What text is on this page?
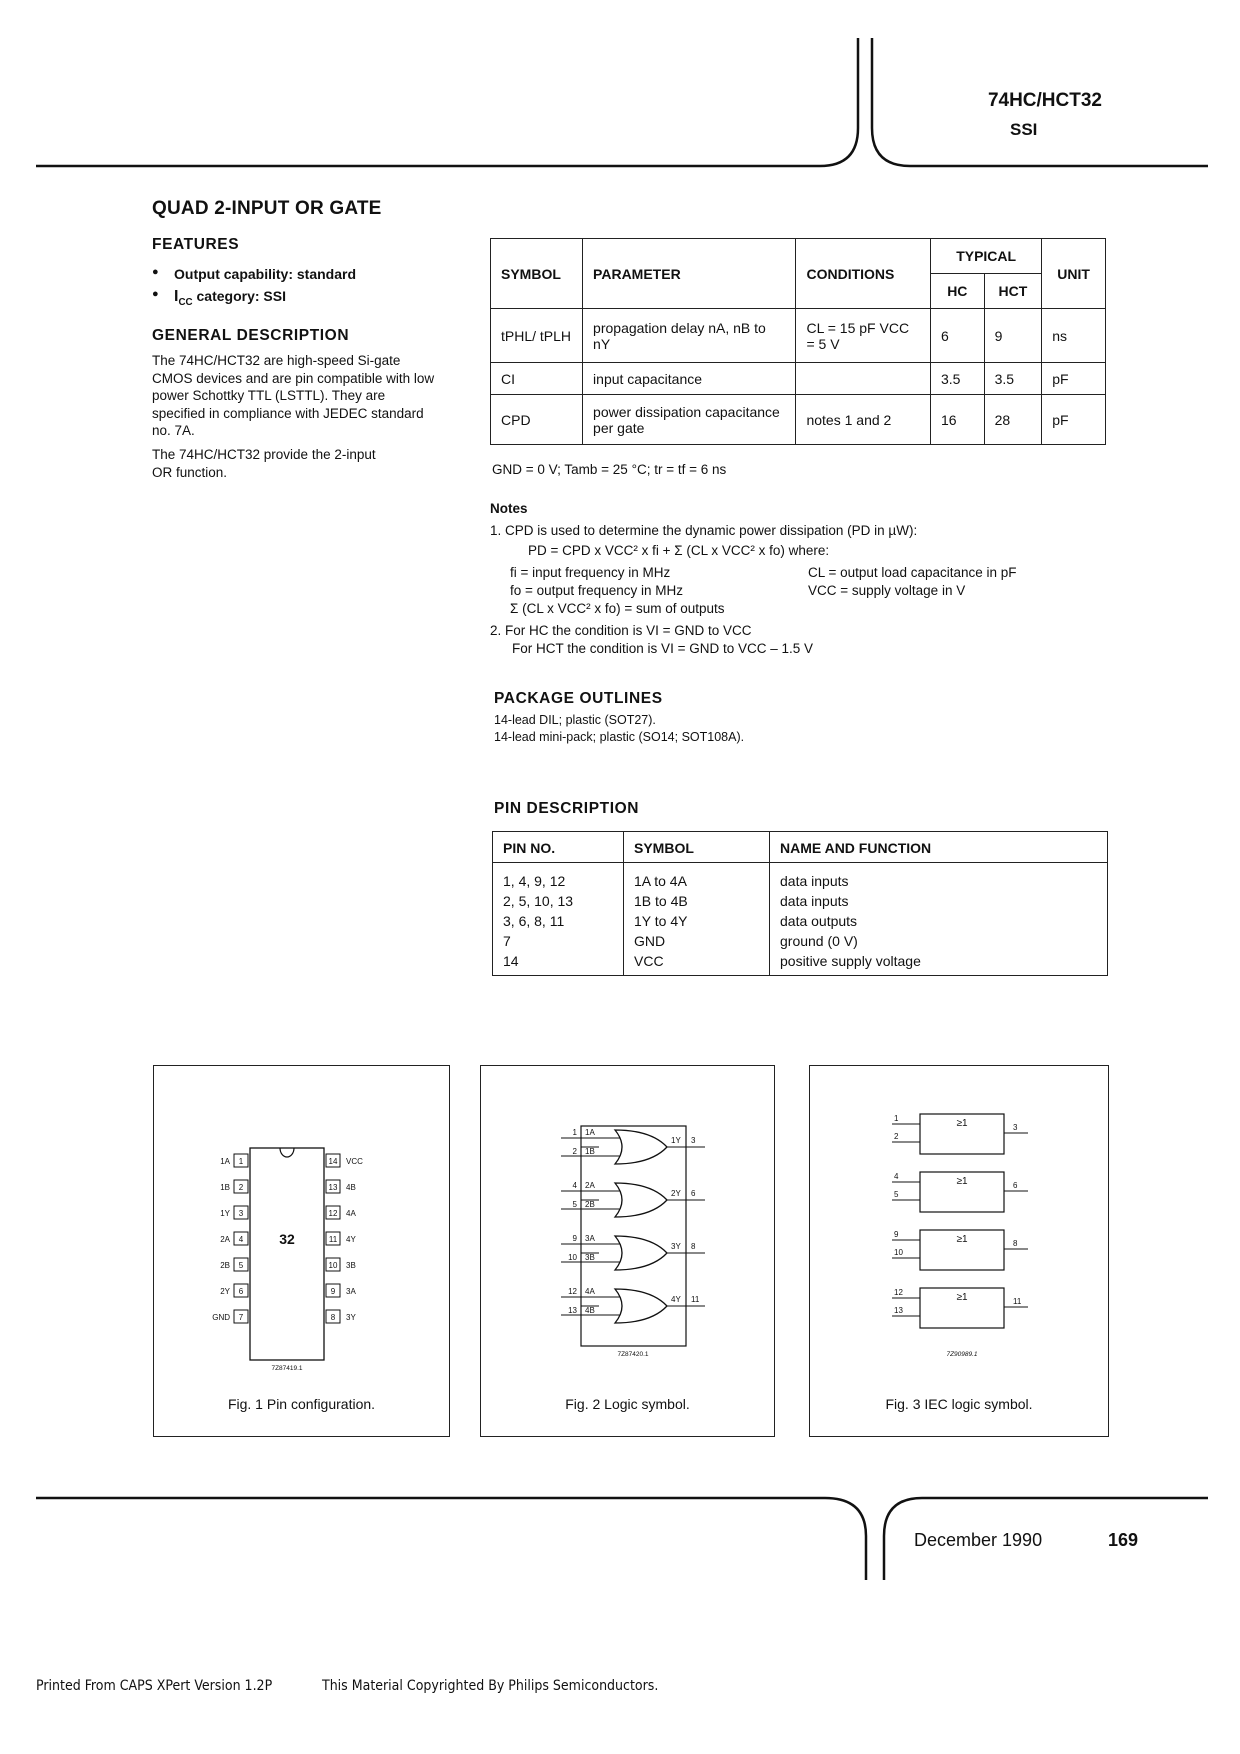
74HC/HCT32
SSI
QUAD 2-INPUT OR GATE
FEATURES
● Output capability: standard
● $I_{CC}$ category: SSI
GENERAL DESCRIPTION
The 74HC/HCT32 are high-speed Si-gate CMOS devices and are pin compatible with low power Schottky TTL (LSTTL). They are specified in compliance with JEDEC standard no. 7A.
The 74HC/HCT32 provide the 2-input OR function.
SYMBOL	PARAMETER	CONDITIONS	TYPICAL		UNIT
			HC	HCT	
tPHL/ tPLH	propagation delay nA, nB to nY	CL = 15 pF VCC = 5 V	6	9	ns
CI	input capacitance		3.5	3.5	pF
CPD	power dissipation capacitance per gate	notes 1 and 2	16	28	pF
GND = 0 V; Tamb = 25 °C; tr = tf = 6 ns
Notes
1. CPD is used to determine the dynamic power dissipation (PD in µW):
PD = CPD x VCC² x fi + Σ (CL x VCC² x fo) where:
fi = input frequency in MHz
fo = output frequency in MHz
Σ (CL x VCC² x fo) = sum of outputs
CL = output load capacitance in pF
VCC = supply voltage in V
2. For HC the condition is VI = GND to VCC
For HCT the condition is VI = GND to VCC – 1.5 V
PACKAGE OUTLINES
14-lead DIL; plastic (SOT27).
14-lead mini-pack; plastic (SO14; SOT108A).
PIN DESCRIPTION
PIN NO.	SYMBOL	NAME AND FUNCTION
1, 4, 9, 12	1A to 4A	data inputs
2, 5, 10, 13	1B to 4B	data inputs
3, 6, 8, 11	1Y to 4Y	data outputs
7	GND	ground (0 V)
14	VCC	positive supply voltage
32
1
1A
2
1B
3
1Y
4
2A
5
2B
6
2Y
7
GND
14 VCC
13 4B
12 4A
11 4Y
10 3B
9 3A
8 3Y
7Z87419.1
Fig. 1 Pin configuration.
1
2
1A
1B
1Y 3
4
5
2A
2B
2Y 6
9
10
3A
3B
3Y 8
12
13
4A
4B
4Y 11
7Z87420.1
Fig. 2 Logic symbol.
≥1
1
2
3
≥1
4
5
6
≥1
9
10
8
≥1
12
13
11
7Z90989.1
Fig. 3 IEC logic symbol.
December 1990	169
Printed From CAPS XPert Version 1.2P	This Material Copyrighted By Philips Semiconductors.
